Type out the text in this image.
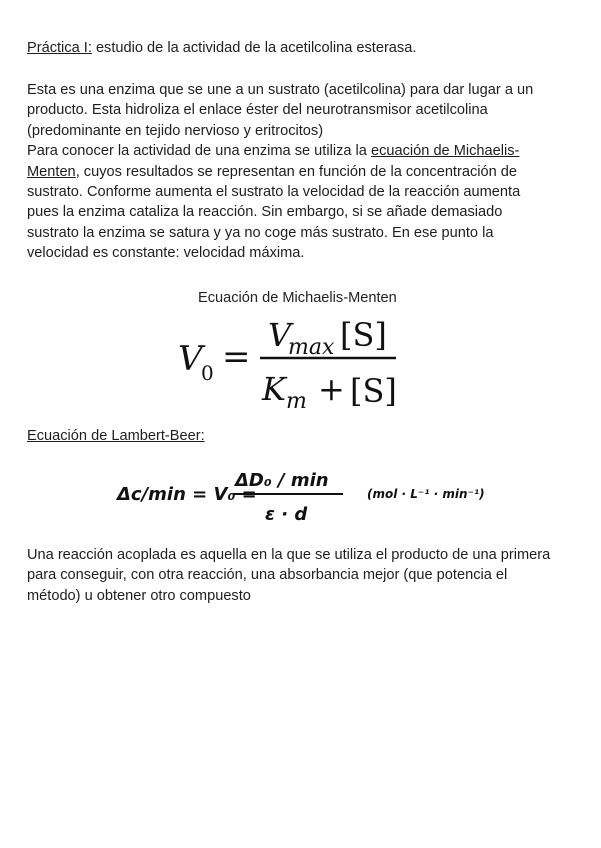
Práctica I: estudio de la actividad de la acetilcolina esterasa.

Esta es una enzima que se une a un sustrato (acetilcolina) para dar lugar a un
producto. Esta hidroliza el enlace éster del neurotransmisor acetilcolina
(predominante en tejido nervioso y eritrocitos)
Para conocer la actividad de una enzima se utiliza la ecuación de Michaelis-
Menten, cuyos resultados se representan en función de la concentración de
sustrato. Conforme aumenta el sustrato la velocidad de la reacción aumenta
pues la enzima cataliza la reacción. Sin embargo, si se añade demasiado
sustrato la enzima se satura y ya no coge más sustrato. En ese punto la
velocidad es constante: velocidad máxima.
Ecuación de Michaelis-Menten
V
0 =
V
max [S]
K m + [S]

Ecuación de Lambert-Beer:

Δc/min = V₀ =
ΔD₀ / min
ε · d
(mol · L⁻¹ · min⁻¹)
Una reacción acoplada es aquella en la que se utiliza el producto de una primera
para conseguir, con otra reacción, una absorbancia mejor (que potencia el
método) u obtener otro compuesto
